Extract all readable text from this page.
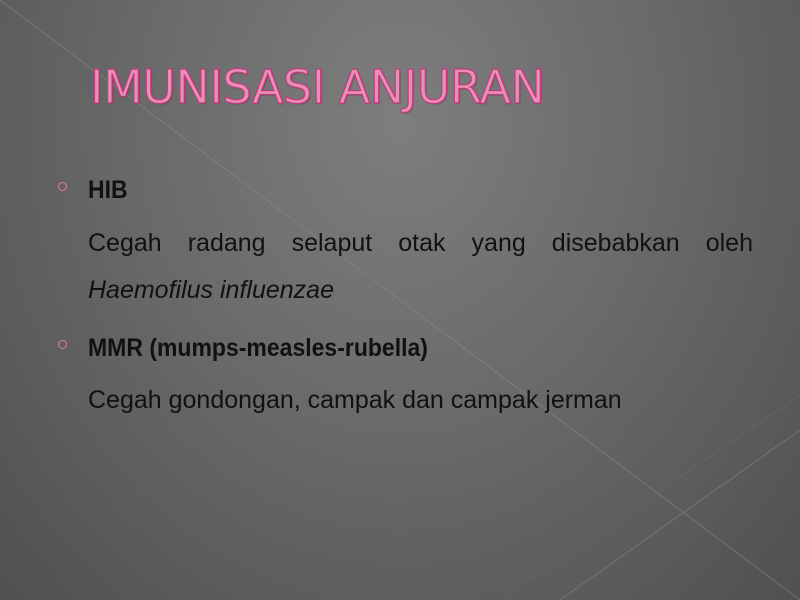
IMUNISASI ANJURAN
HIB
Cegah radang selaput otak yang disebabkan oleh
Haemofilus influenzae
MMR (mumps-measles-rubella)
Cegah gondongan, campak dan campak jerman
